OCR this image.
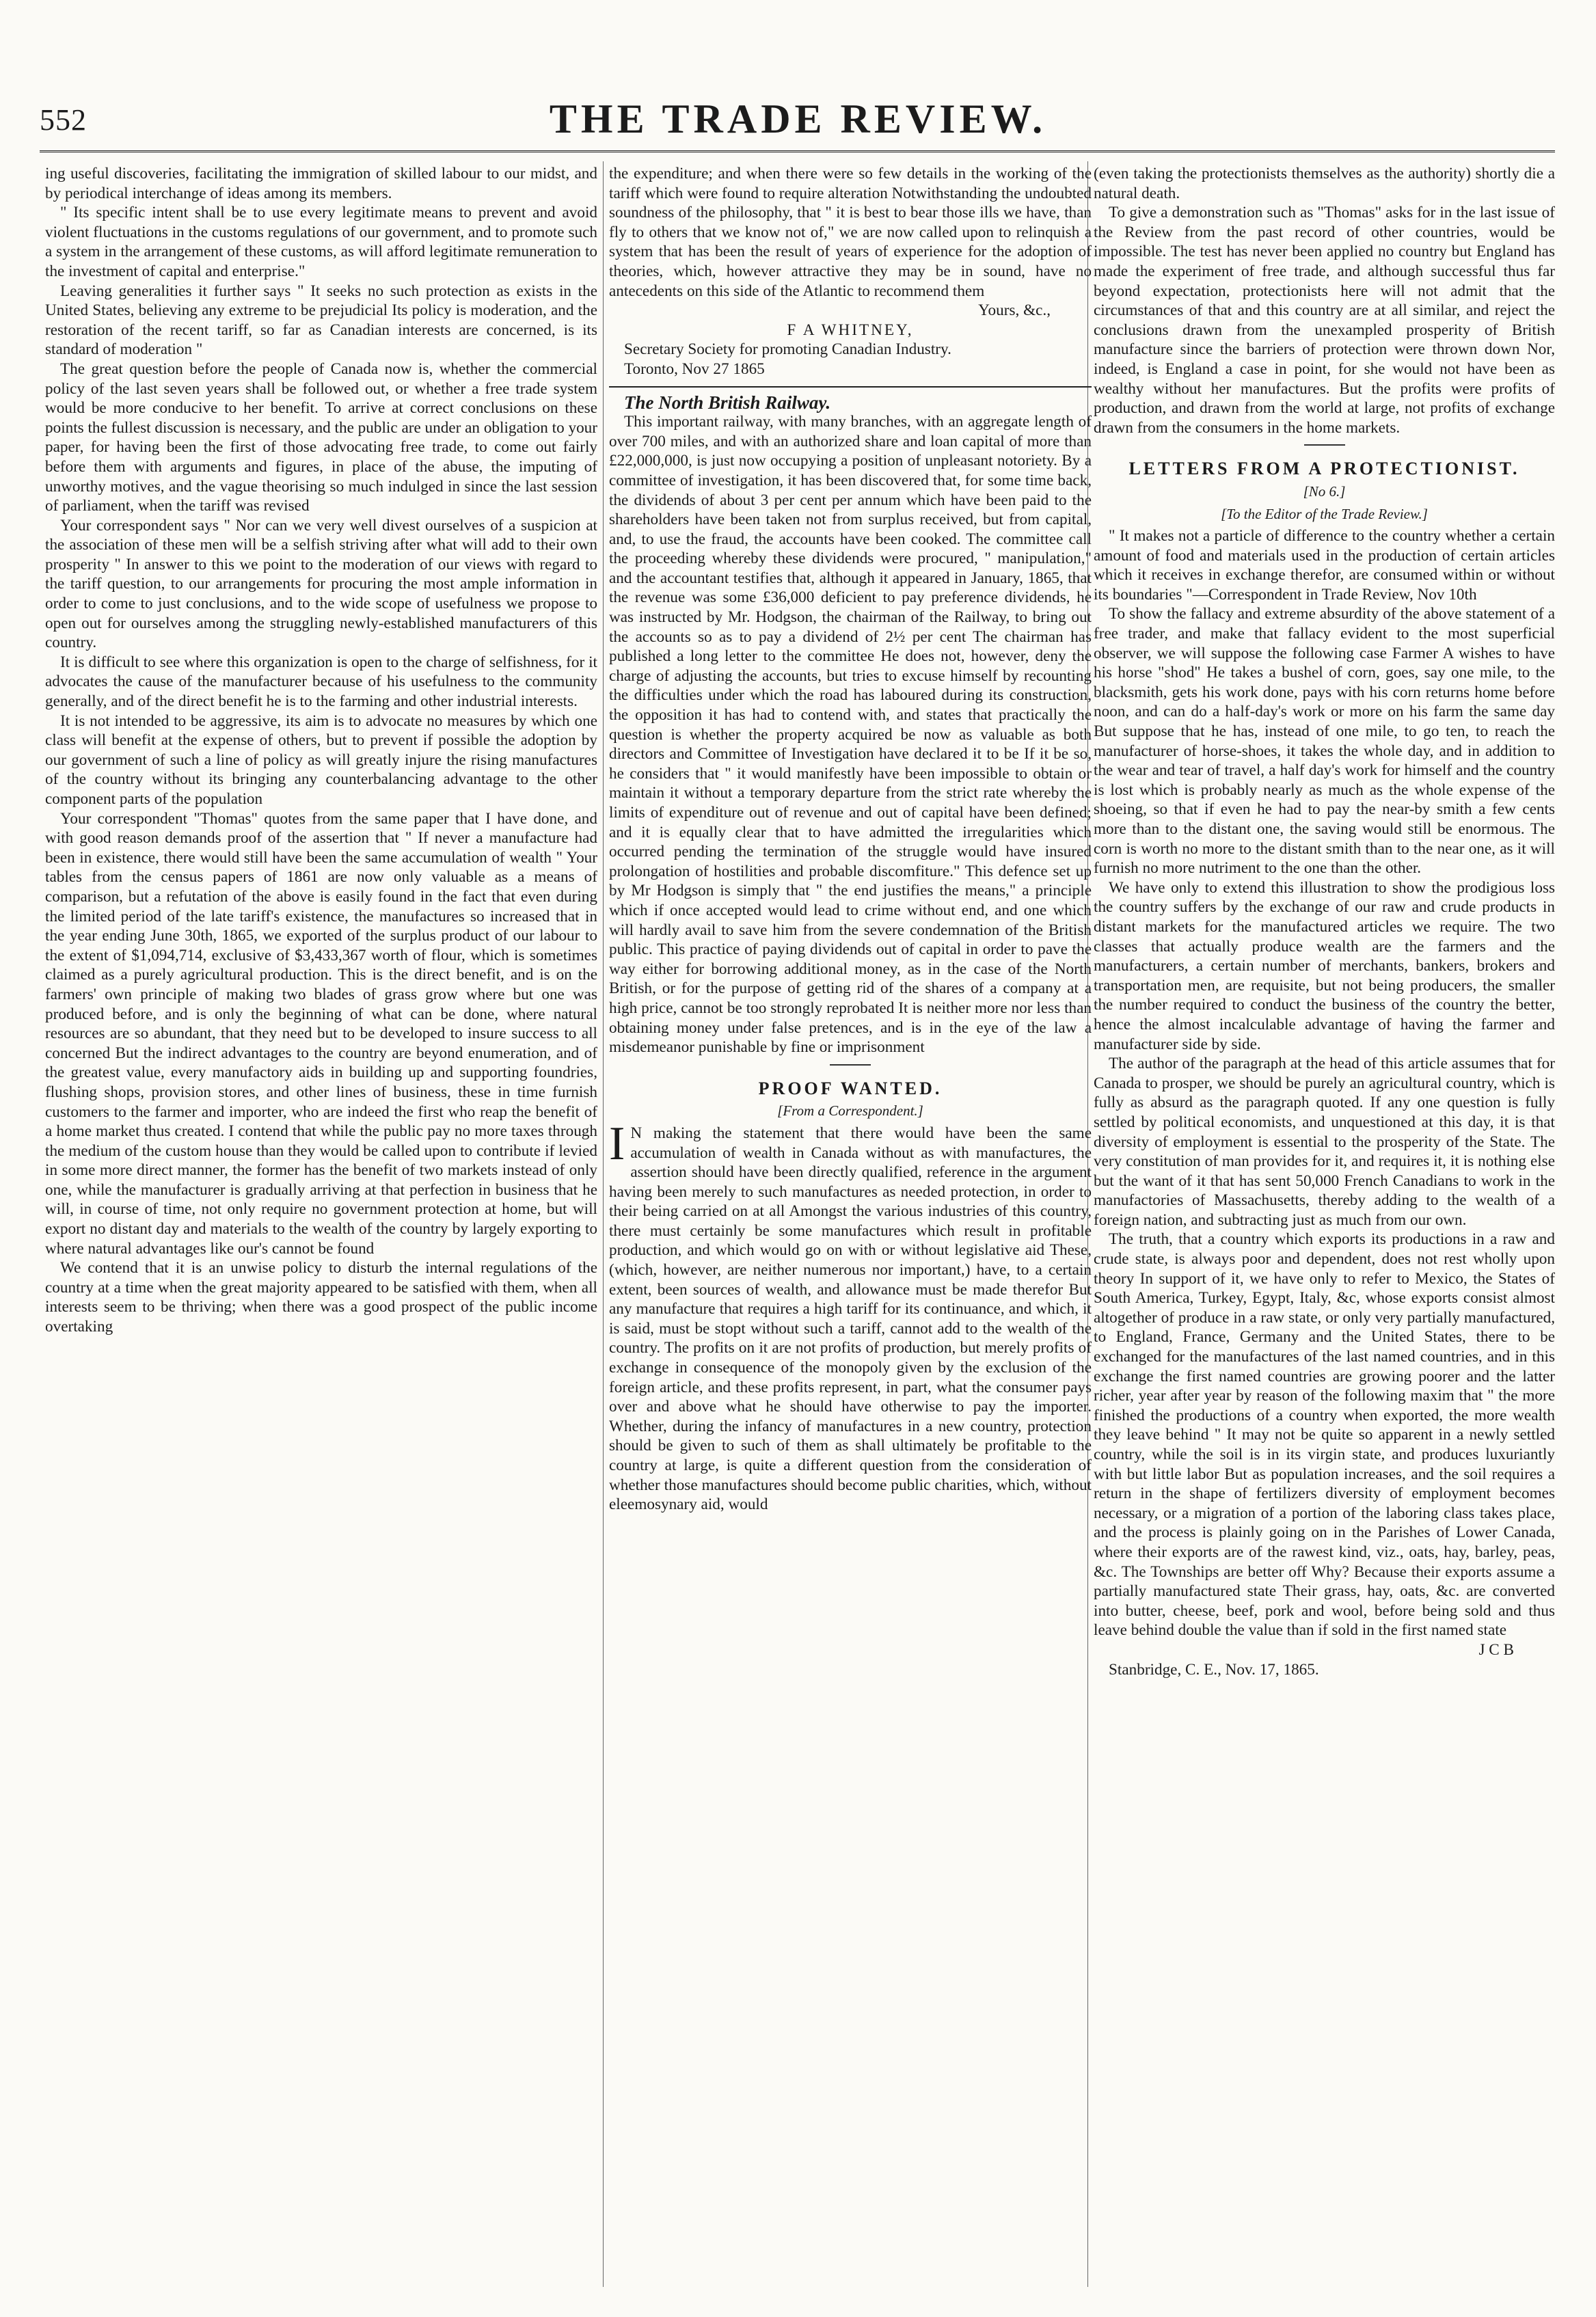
552	THE TRADE REVIEW.

ing useful discoveries, facilitating the immigration of skilled labour to our midst, and by periodical interchange of ideas among its members.

" Its specific intent shall be to use every legitimate means to prevent and avoid violent fluctuations in the customs regulations of our government, and to promote such a system in the arrangement of these customs, as will afford legitimate remuneration to the investment of capital and enterprise."

Leaving generalities it further says " It seeks no such protection as exists in the United States, believing any extreme to be prejudicial Its policy is moderation, and the restoration of the recent tariff, so far as Canadian interests are concerned, is its standard of moderation "

The great question before the people of Canada now is, whether the commercial policy of the last seven years shall be followed out, or whether a free trade system would be more conducive to her benefit. To arrive at correct conclusions on these points the fullest discussion is necessary, and the public are under an obligation to your paper, for having been the first of those advocating free trade, to come out fairly before them with arguments and figures, in place of the abuse, the imputing of unworthy motives, and the vague theorising so much indulged in since the last session of parliament, when the tariff was revised

Your correspondent says " Nor can we very well divest ourselves of a suspicion at the association of these men will be a selfish striving after what will add to their own prosperity " In answer to this we point to the moderation of our views with regard to the tariff question, to our arrangements for procuring the most ample information in order to come to just conclusions, and to the wide scope of usefulness we propose to open out for ourselves among the struggling newly-established manufacturers of this country.

It is difficult to see where this organization is open to the charge of selfishness, for it advocates the cause of the manufacturer because of his usefulness to the community generally, and of the direct benefit he is to the farming and other industrial interests.

It is not intended to be aggressive, its aim is to advocate no measures by which one class will benefit at the expense of others, but to prevent if possible the adoption by our government of such a line of policy as will greatly injure the rising manufactures of the country without its bringing any counterbalancing advantage to the other component parts of the population

Your correspondent "Thomas" quotes from the same paper that I have done, and with good reason demands proof of the assertion that " If never a manufacture had been in existence, there would still have been the same accumulation of wealth " Your tables from the census papers of 1861 are now only valuable as a means of comparison, but a refutation of the above is easily found in the fact that even during the limited period of the late tariff's existence, the manufactures so increased that in the year ending June 30th, 1865, we exported of the surplus product of our labour to the extent of $1,094,714, exclusive of $3,433,367 worth of flour, which is sometimes claimed as a purely agricultural production. This is the direct benefit, and is on the farmers' own principle of making two blades of grass grow where but one was produced before, and is only the beginning of what can be done, where natural resources are so abundant, that they need but to be developed to insure success to all concerned But the indirect advantages to the country are beyond enumeration, and of the greatest value, every manufactory aids in building up and supporting foundries, flushing shops, provision stores, and other lines of business, these in time furnish customers to the farmer and importer, who are indeed the first who reap the benefit of a home market thus created. I contend that while the public pay no more taxes through the medium of the custom house than they would be called upon to contribute if levied in some more direct manner, the former has the benefit of two markets instead of only one, while the manufacturer is gradually arriving at that perfection in business that he will, in course of time, not only require no government protection at home, but will export no distant day and materials to the wealth of the country by largely exporting to where natural advantages like our's cannot be found

We contend that it is an unwise policy to disturb the internal regulations of the country at a time when the great majority appeared to be satisfied with them, when all interests seem to be thriving; when there was a good prospect of the public income overtaking

the expenditure; and when there were so few details in the working of the tariff which were found to require alteration Notwithstanding the undoubted soundness of the philosophy, that " it is best to bear those ills we have, than fly to others that we know not of," we are now called upon to relinquish a system that has been the result of years of experience for the adoption of theories, which, however attractive they may be in sound, have no antecedents on this side of the Atlantic to recommend them

Yours, &c.,

F A WHITNEY,

Secretary Society for promoting Canadian Industry.

Toronto, Nov 27 1865

The North British Railway.

This important railway, with many branches, with an aggregate length of over 700 miles, and with an authorized share and loan capital of more than £22,000,000, is just now occupying a position of unpleasant notoriety. By a committee of investigation, it has been discovered that, for some time back, the dividends of about 3 per cent per annum which have been paid to the shareholders have been taken not from surplus received, but from capital, and, to use the fraud, the accounts have been cooked. The committee call the proceeding whereby these dividends were procured, " manipulation," and the accountant testifies that, although it appeared in January, 1865, that the revenue was some £36,000 deficient to pay preference dividends, he was instructed by Mr. Hodgson, the chairman of the Railway, to bring out the accounts so as to pay a dividend of 2½ per cent The chairman has published a long letter to the committee He does not, however, deny the charge of adjusting the accounts, but tries to excuse himself by recounting the difficulties under which the road has laboured during its construction, the opposition it has had to contend with, and states that practically the question is whether the property acquired be now as valuable as both directors and Committee of Investigation have declared it to be If it be so, he considers that " it would manifestly have been impossible to obtain or maintain it without a temporary departure from the strict rate whereby the limits of expenditure out of revenue and out of capital have been defined; and it is equally clear that to have admitted the irregularities which occurred pending the termination of the struggle would have insured prolongation of hostilities and probable discomfiture." This defence set up by Mr Hodgson is simply that " the end justifies the means," a principle which if once accepted would lead to crime without end, and one which will hardly avail to save him from the severe condemnation of the British public. This practice of paying dividends out of capital in order to pave the way either for borrowing additional money, as in the case of the North British, or for the purpose of getting rid of the shares of a company at a high price, cannot be too strongly reprobated It is neither more nor less than obtaining money under false pretences, and is in the eye of the law a misdemeanor punishable by fine or imprisonment

PROOF WANTED.
[From a Correspondent.]

I N making the statement that there would have been the same accumulation of wealth in Canada without as with manufactures, the assertion should have been directly qualified, reference in the argument having been merely to such manufactures as needed protection, in order to their being carried on at all Amongst the various industries of this country, there must certainly be some manufactures which result in profitable production, and which would go on with or without legislative aid These, (which, however, are neither numerous nor important,) have, to a certain extent, been sources of wealth, and allowance must be made therefor But any manufacture that requires a high tariff for its continuance, and which, it is said, must be stopt without such a tariff, cannot add to the wealth of the country. The profits on it are not profits of production, but merely profits of exchange in consequence of the monopoly given by the exclusion of the foreign article, and these profits represent, in part, what the consumer pays over and above what he should have otherwise to pay the importer. Whether, during the infancy of manufactures in a new country, protection should be given to such of them as shall ultimately be profitable to the country at large, is quite a different question from the consideration of whether those manufactures should become public charities, which, without eleemosynary aid, would

(even taking the protectionists themselves as the authority) shortly die a natural death.

To give a demonstration such as "Thomas" asks for in the last issue of the Review from the past record of other countries, would be impossible. The test has never been applied no country but England has made the experiment of free trade, and although successful thus far beyond expectation, protectionists here will not admit that the circumstances of that and this country are at all similar, and reject the conclusions drawn from the unexampled prosperity of British manufacture since the barriers of protection were thrown down Nor, indeed, is England a case in point, for she would not have been as wealthy without her manufactures. But the profits were profits of production, and drawn from the world at large, not profits of exchange drawn from the consumers in the home markets.

LETTERS FROM A PROTECTIONIST.
[No 6.]
[To the Editor of the Trade Review.]

" It makes not a particle of difference to the country whether a certain amount of food and materials used in the production of certain articles which it receives in exchange therefor, are consumed within or without its boundaries "—Correspondent in Trade Review, Nov 10th

To show the fallacy and extreme absurdity of the above statement of a free trader, and make that fallacy evident to the most superficial observer, we will suppose the following case Farmer A wishes to have his horse "shod" He takes a bushel of corn, goes, say one mile, to the blacksmith, gets his work done, pays with his corn returns home before noon, and can do a half-day's work or more on his farm the same day But suppose that he has, instead of one mile, to go ten, to reach the manufacturer of horse-shoes, it takes the whole day, and in addition to the wear and tear of travel, a half day's work for himself and the country is lost which is probably nearly as much as the whole expense of the shoeing, so that if even he had to pay the near-by smith a few cents more than to the distant one, the saving would still be enormous. The corn is worth no more to the distant smith than to the near one, as it will furnish no more nutriment to the one than the other.

We have only to extend this illustration to show the prodigious loss the country suffers by the exchange of our raw and crude products in distant markets for the manufactured articles we require. The two classes that actually produce wealth are the farmers and the manufacturers, a certain number of merchants, bankers, brokers and transportation men, are requisite, but not being producers, the smaller the number required to conduct the business of the country the better, hence the almost incalculable advantage of having the farmer and manufacturer side by side.

The author of the paragraph at the head of this article assumes that for Canada to prosper, we should be purely an agricultural country, which is fully as absurd as the paragraph quoted. If any one question is fully settled by political economists, and unquestioned at this day, it is that diversity of employment is essential to the prosperity of the State. The very constitution of man provides for it, and requires it, it is nothing else but the want of it that has sent 50,000 French Canadians to work in the manufactories of Massachusetts, thereby adding to the wealth of a foreign nation, and subtracting just as much from our own.

The truth, that a country which exports its productions in a raw and crude state, is always poor and dependent, does not rest wholly upon theory In support of it, we have only to refer to Mexico, the States of South America, Turkey, Egypt, Italy, &c, whose exports consist almost altogether of produce in a raw state, or only very partially manufactured, to England, France, Germany and the United States, there to be exchanged for the manufactures of the last named countries, and in this exchange the first named countries are growing poorer and the latter richer, year after year by reason of the following maxim that " the more finished the productions of a country when exported, the more wealth they leave behind " It may not be quite so apparent in a newly settled country, while the soil is in its virgin state, and produces luxuriantly with but little labor But as population increases, and the soil requires a return in the shape of fertilizers diversity of employment becomes necessary, or a migration of a portion of the laboring class takes place, and the process is plainly going on in the Parishes of Lower Canada, where their exports are of the rawest kind, viz., oats, hay, barley, peas, &c. The Townships are better off Why? Because their exports assume a partially manufactured state Their grass, hay, oats, &c. are converted into butter, cheese, beef, pork and wool, before being sold and thus leave behind double the value than if sold in the first named state

J C B

Stanbridge, C. E., Nov. 17, 1865.
